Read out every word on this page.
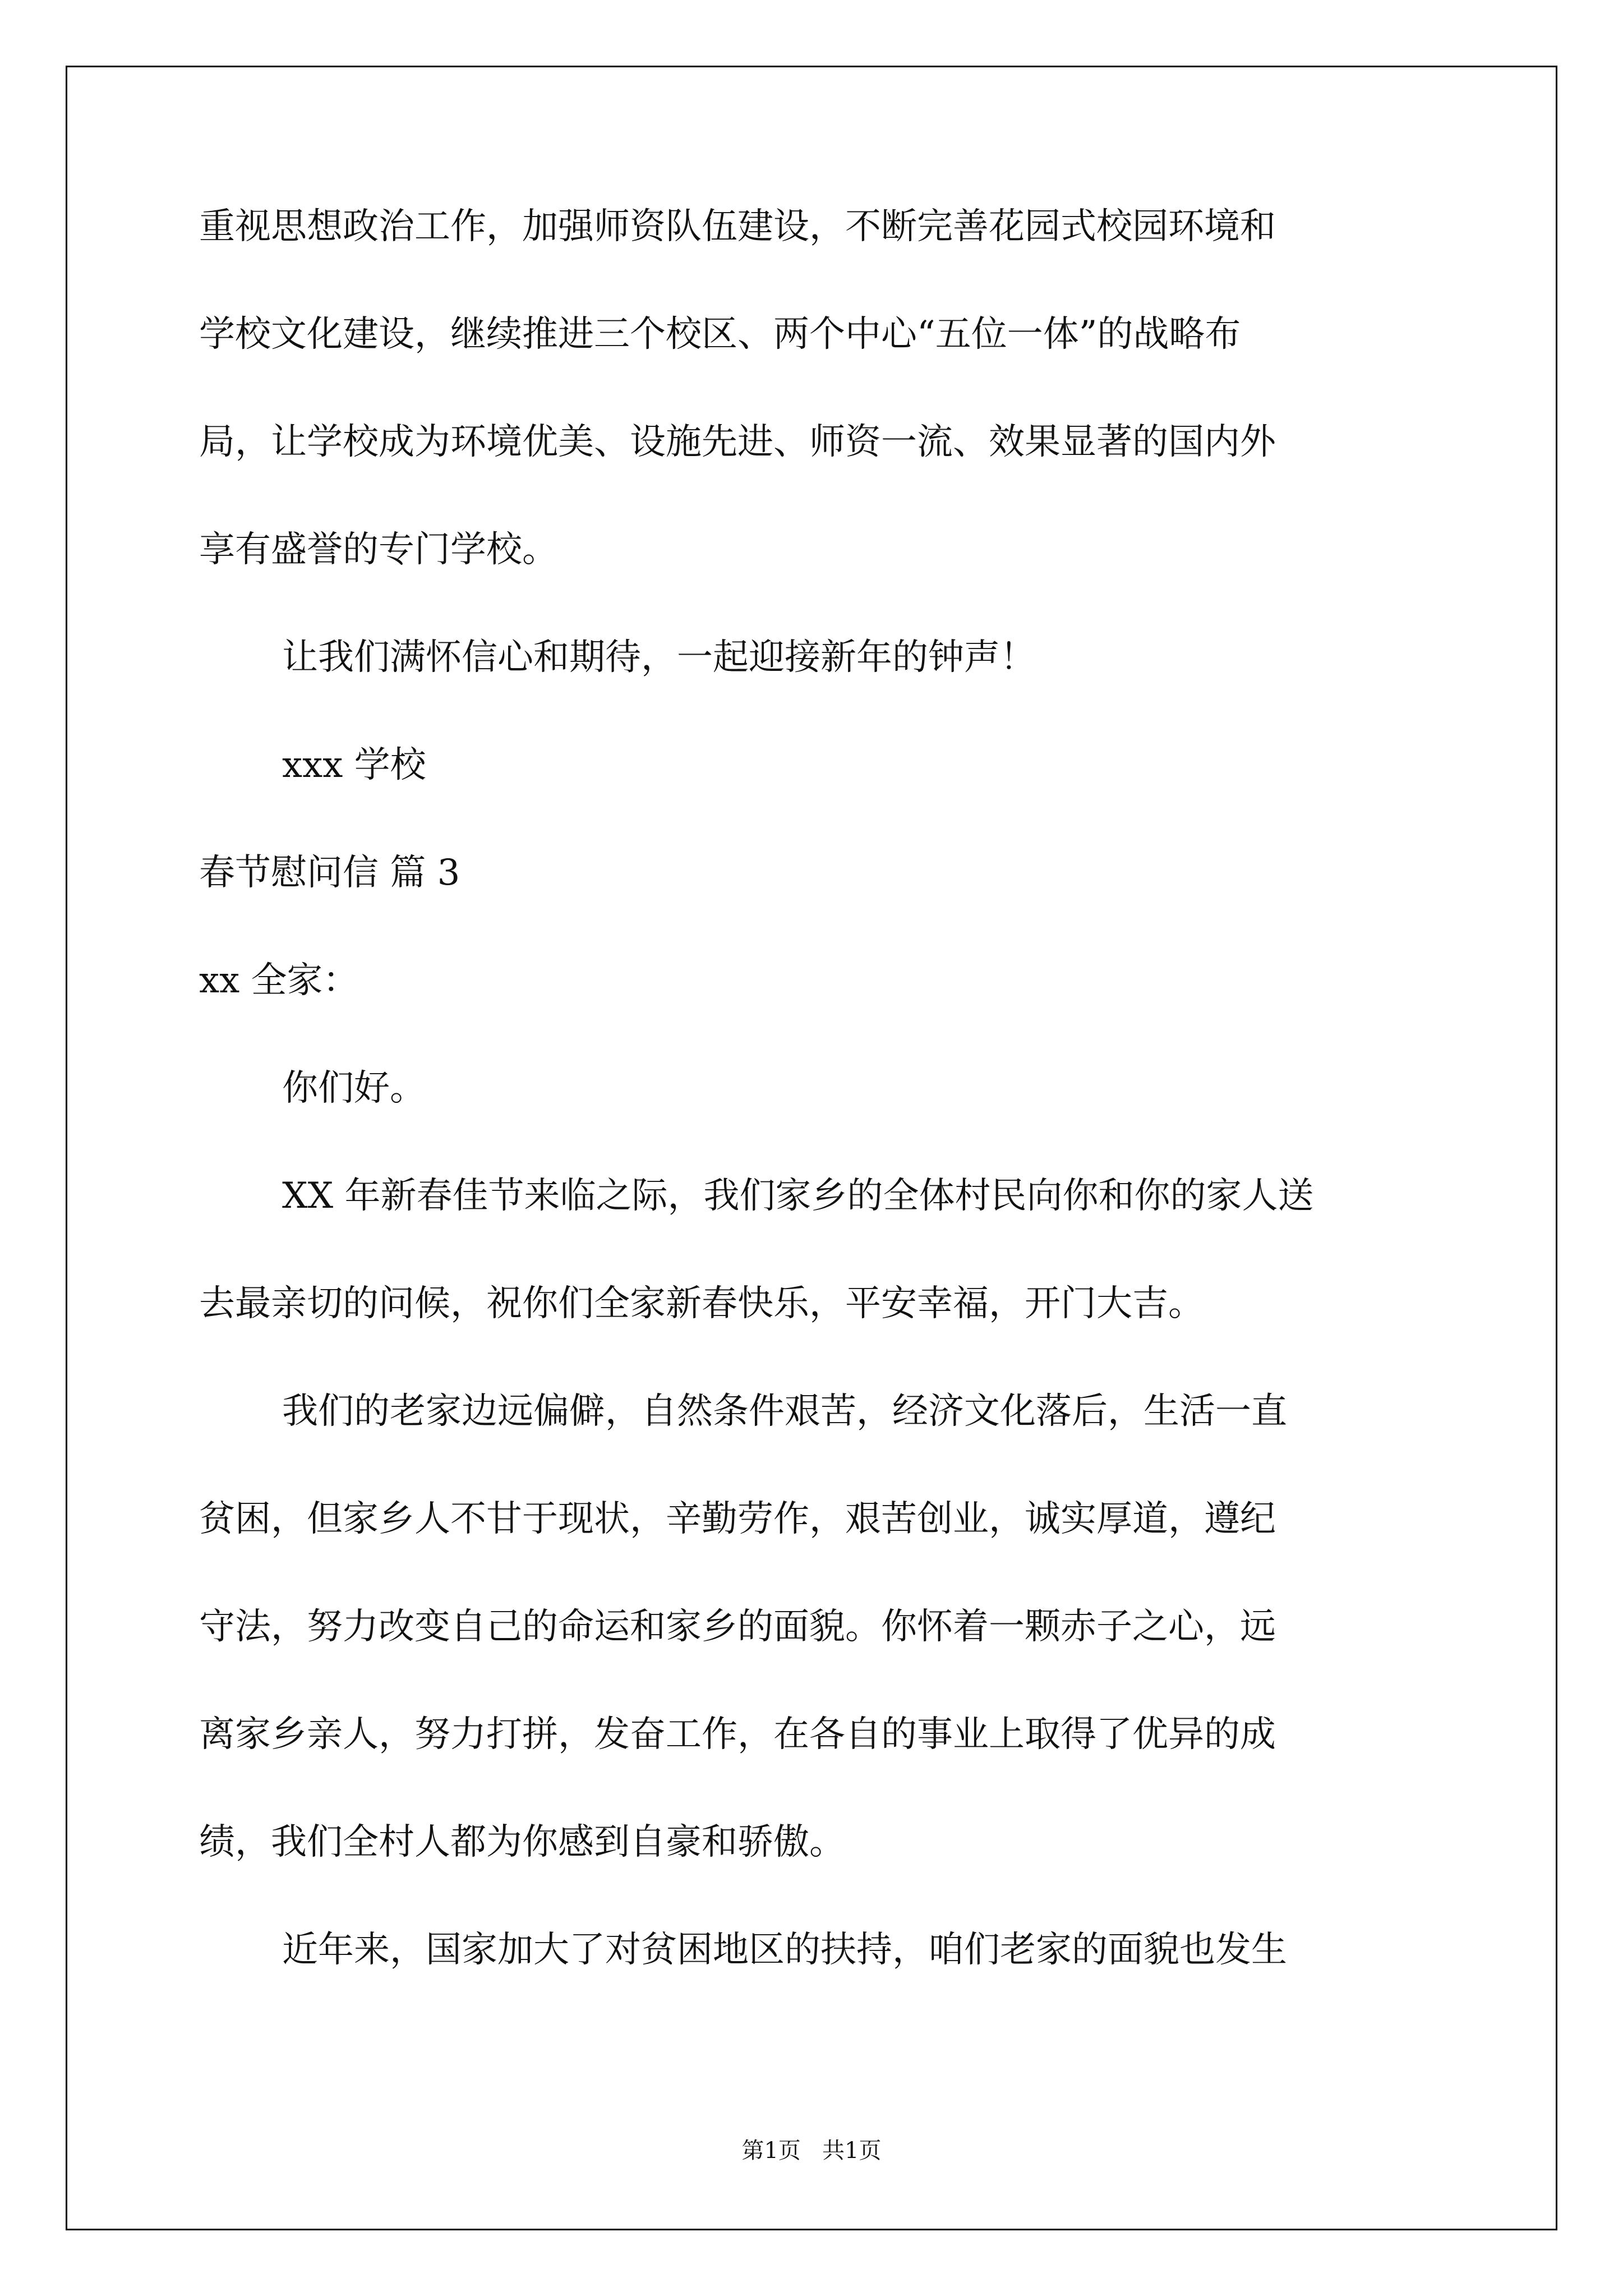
重视思想政治工作，加强师资队伍建设，不断完善花园式校园环境和

学校文化建设，继续推进三个校区、两个中心“五位一体”的战略布

局，让学校成为环境优美、设施先进、师资一流、效果显著的国内外

享有盛誉的专门学校。

让我们满怀信心和期待，一起迎接新年的钟声！

xxx 学校

春节慰问信 篇 3

xx 全家：

你们好。

XX 年新春佳节来临之际，我们家乡的全体村民向你和你的家人送

去最亲切的问候，祝你们全家新春快乐，平安幸福，开门大吉。

我们的老家边远偏僻，自然条件艰苦，经济文化落后，生活一直

贫困，但家乡人不甘于现状，辛勤劳作，艰苦创业，诚实厚道，遵纪

守法，努力改变自己的命运和家乡的面貌。你怀着一颗赤子之心，远

离家乡亲人，努力打拼，发奋工作，在各自的事业上取得了优异的成

绩，我们全村人都为你感到自豪和骄傲。

近年来，国家加大了对贫困地区的扶持，咱们老家的面貌也发生

第1页   共1页
